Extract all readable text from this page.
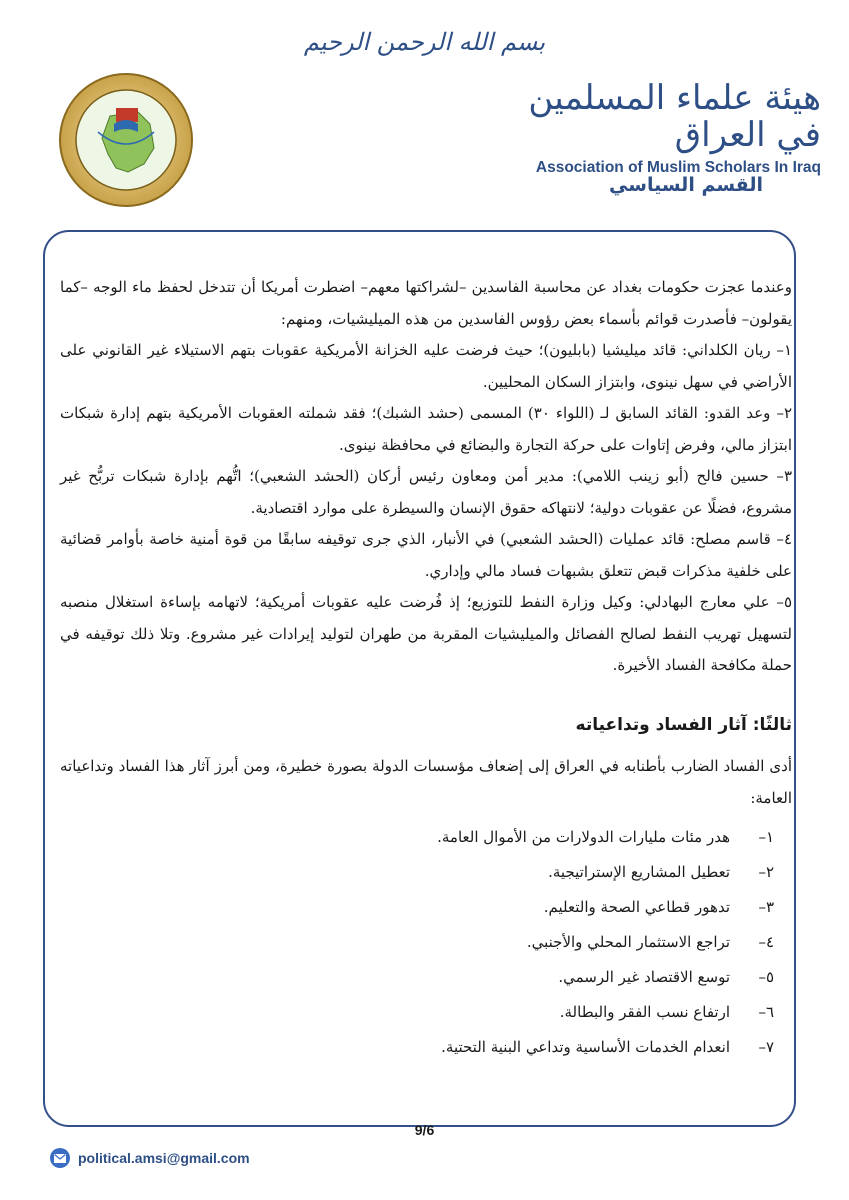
بسم الله الرحمن الرحيم
هيئة علماء المسلمين في العراق
Association of Muslim Scholars In Iraq
القسم السياسي

وعندما عجزت حكومات بغداد عن محاسبة الفاسدين –لشراكتها معهم– اضطرت أمريكا أن تتدخل لحفظ ماء الوجه –كما يقولون– فأصدرت قوائم بأسماء بعض رؤوس الفاسدين من هذه الميليشيات، ومنهم:

١– ريان الكلداني: قائد ميليشيا (بابليون)؛ حيث فرضت عليه الخزانة الأمريكية عقوبات بتهم الاستيلاء غير القانوني على الأراضي في سهل نينوى، وابتزاز السكان المحليين.

٢– وعد القدو: القائد السابق لـ (اللواء ٣٠) المسمى (حشد الشبك)؛ فقد شملته العقوبات الأمريكية بتهم إدارة شبكات ابتزاز مالي، وفرض إتاوات على حركة التجارة والبضائع في محافظة نينوى.

٣– حسين فالح (أبو زينب اللامي): مدير أمن ومعاون رئيس أركان (الحشد الشعبي)؛ اتُّهم بإدارة شبكات تربُّح غير مشروع، فضلًا عن عقوبات دولية؛ لانتهاكه حقوق الإنسان والسيطرة على موارد اقتصادية.

٤– قاسم مصلح: قائد عمليات (الحشد الشعبي) في الأنبار، الذي جرى توقيفه سابقًا من قوة أمنية خاصة بأوامر قضائية على خلفية مذكرات قبض تتعلق بشبهات فساد مالي وإداري.

٥– علي معارج البهادلي: وكيل وزارة النفط للتوزيع؛ إذ فُرضت عليه عقوبات أمريكية؛ لاتهامه بإساءة استغلال منصبه لتسهيل تهريب النفط لصالح الفصائل والميليشيات المقربة من طهران لتوليد إيرادات غير مشروع. وتلا ذلك توقيفه في حملة مكافحة الفساد الأخيرة.

ثالثًا: آثار الفساد وتداعياته

أدى الفساد الضارب بأطنابه في العراق إلى إضعاف مؤسسات الدولة بصورة خطيرة، ومن أبرز آثار هذا الفساد وتداعياته العامة:

١–
هدر مئات مليارات الدولارات من الأموال العامة.
٢–
تعطيل المشاريع الإستراتيجية.
٣–
تدهور قطاعي الصحة والتعليم.
٤–
تراجع الاستثمار المحلي والأجنبي.
٥–
توسع الاقتصاد غير الرسمي.
٦–
ارتفاع نسب الفقر والبطالة.
٧–
انعدام الخدمات الأساسية وتداعي البنية التحتية.
9/6
political.amsi@gmail.com
